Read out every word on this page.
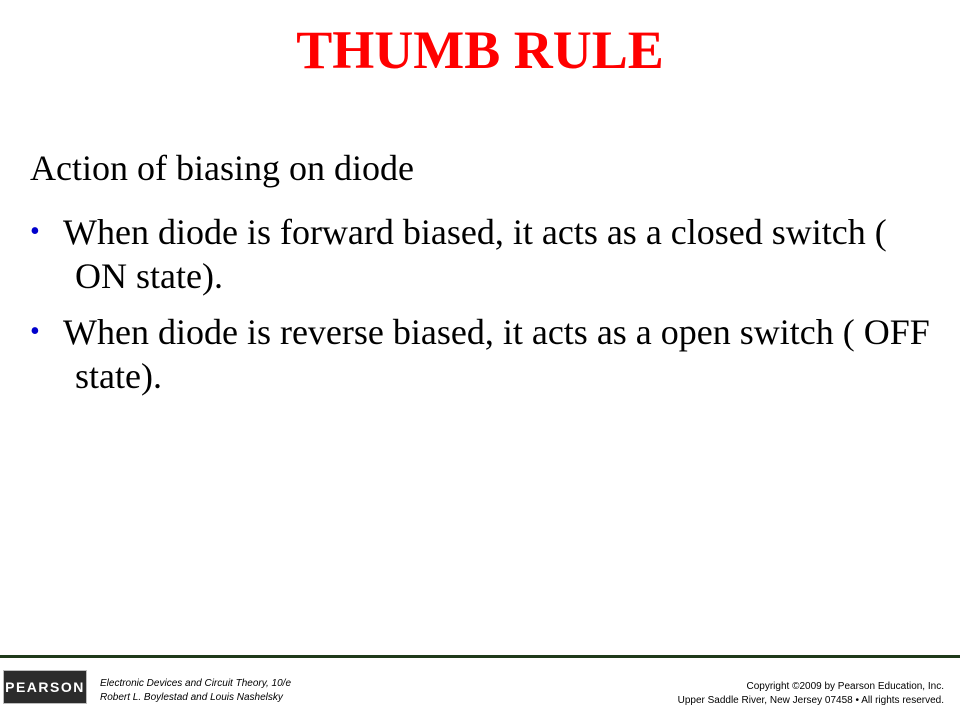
THUMB RULE
Action of biasing on diode
• When diode is forward biased, it acts as a closed switch ( ON state).
• When diode is reverse biased, it acts as a open switch ( OFF state).
PEARSON Electronic Devices and Circuit Theory, 10/e
Robert L. Boylestad and Louis Nashelsky
Copyright ©2009 by Pearson Education, Inc.
Upper Saddle River, New Jersey 07458 • All rights reserved.
